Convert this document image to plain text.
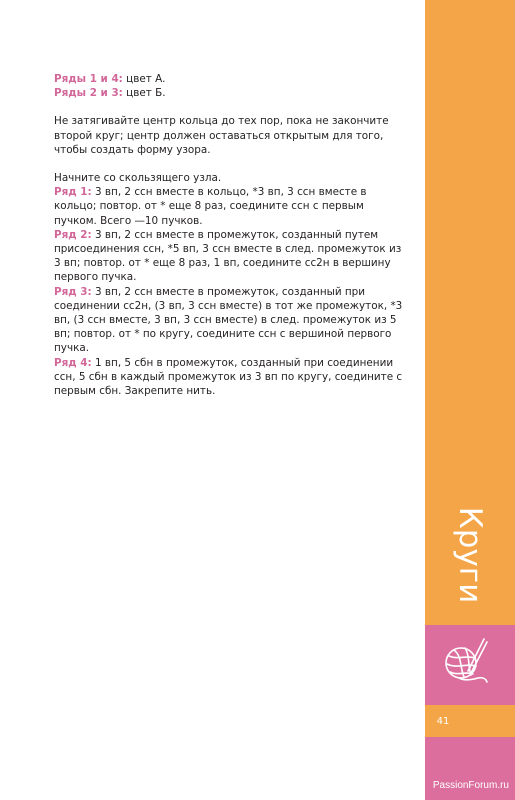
Ряды 1 и 4: цвет А.

Ряды 2 и 3: цвет Б.

Не затягивайте центр кольца до тех пор, пока не закончите второй круг; центр должен оставаться открытым для того, чтобы создать форму узора.

Начните со скользящего узла.

Ряд 1: 3 вп, 2 ссн вместе в кольцо, *3 вп, 3 ссн вместе в кольцо; повтор. от * еще 8 раз, соедините ссн с первым пучком. Всего —10 пучков.

Ряд 2: 3 вп, 2 ссн вместе в промежуток, созданный путем присоединения ссн, *5 вп, 3 ссн вместе в след. промежуток из 3 вп; повтор. от * еще 8 раз, 1 вп, соедините сс2н в вершину первого пучка.

Ряд 3: 3 вп, 2 ссн вместе в промежуток, созданный при соединении сс2н, (3 вп, 3 ссн вместе) в тот же промежуток, *3 вп, (3 ссн вместе, 3 вп, 3 ссн вместе) в след. промежуток из 5 вп; повтор. от * по кругу, соедините ссн с вершиной первого пучка.

Ряд 4: 1 вп, 5 сбн в промежуток, созданный при соединении ссн, 5 сбн в каждый промежуток из 3 вп по кругу, соедините с первым сбн. Закрепите нить.

Круги
41
PassionForum.ru
